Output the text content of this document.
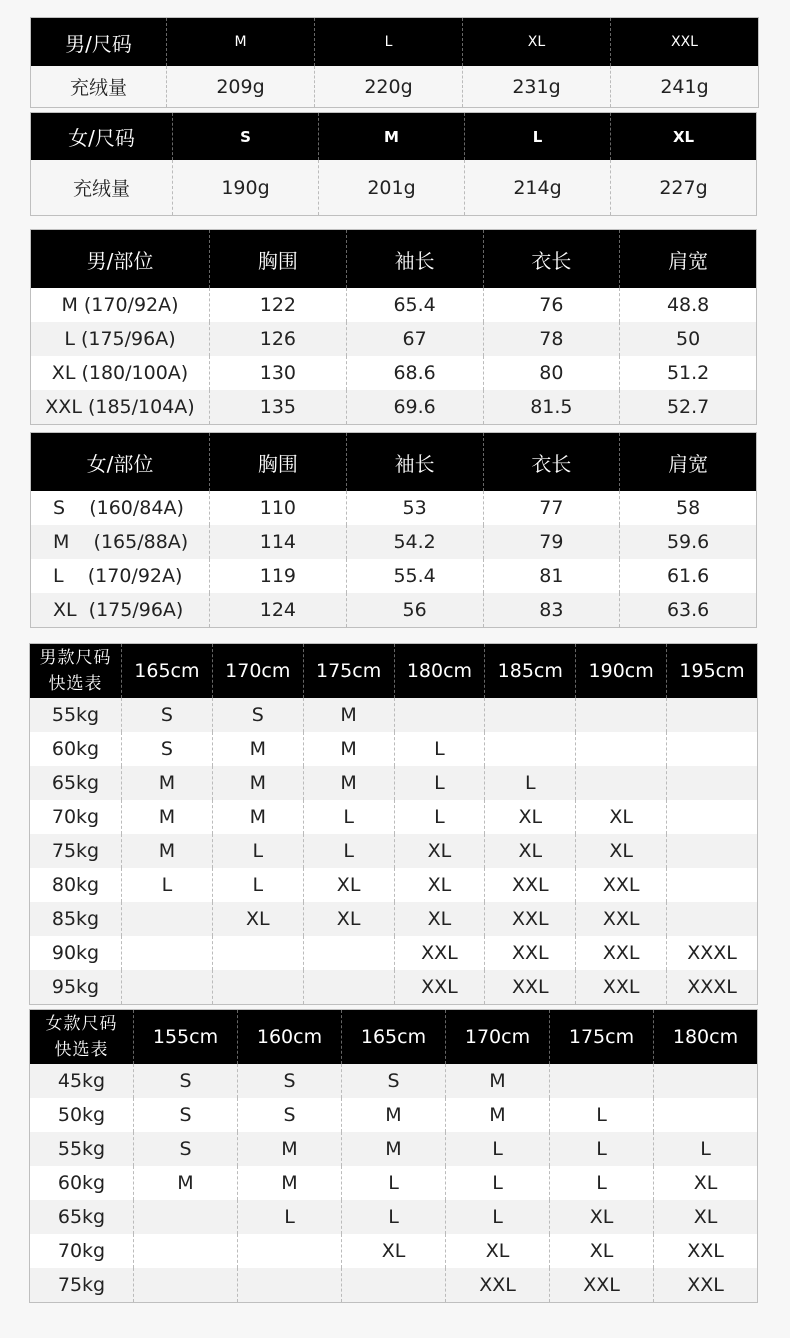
男/尺码	M	L	XL	XXL
充绒量	209g	220g	231g	241g
女/尺码	S	M	L	XL
充绒量	190g	201g	214g	227g
男/部位	胸围	袖长	衣长	肩宽
M (170/92A)	122	65.4	76	48.8
L (175/96A)	126	67	78	50
XL (180/100A)	130	68.6	80	51.2
XXL (185/104A)	135	69.6	81.5	52.7
女/部位	胸围	袖长	衣长	肩宽
S    (160/84A)	110	53	77	58
M    (165/88A)	114	54.2	79	59.6
L    (170/92A)	119	55.4	81	61.6
XL  (175/96A)	124	56	83	63.6
男款尺码
快选表	165cm	170cm	175cm	180cm	185cm	190cm	195cm
55kg	S	S	M				
60kg	S	M	M	L			
65kg	M	M	M	L	L		
70kg	M	M	L	L	XL	XL	
75kg	M	L	L	XL	XL	XL	
80kg	L	L	XL	XL	XXL	XXL	
85kg		XL	XL	XL	XXL	XXL	
90kg				XXL	XXL	XXL	XXXL
95kg				XXL	XXL	XXL	XXXL
女款尺码
快选表	155cm	160cm	165cm	170cm	175cm	180cm
45kg	S	S	S	M		
50kg	S	S	M	M	L	
55kg	S	M	M	L	L	L
60kg	M	M	L	L	L	XL
65kg		L	L	L	XL	XL
70kg			XL	XL	XL	XXL
75kg				XXL	XXL	XXL
